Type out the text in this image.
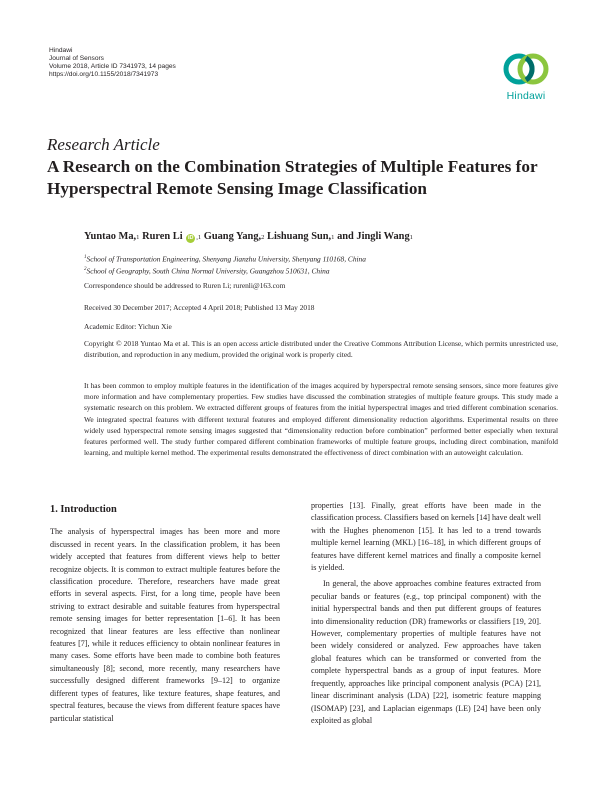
Hindawi
Journal of Sensors
Volume 2018, Article ID 7341973, 14 pages
https://doi.org/10.1155/2018/7341973
Hindawi
Research Article
A Research on the Combination Strategies of Multiple Features for
Hyperspectral Remote Sensing Image Classification
Yuntao Ma, 1
Ruren Li
iD ,1
Guang Yang, 2
Lishuang Sun, 1
and Jingli Wang 1
$^1$School of Transportation Engineering, Shenyang Jianzhu University, Shenyang 110168, China
$^2$School of Geography, South China Normal University, Guangzhou 510631, China
Correspondence should be addressed to Ruren Li; rurenli@163.com
Received 30 December 2017; Accepted 4 April 2018; Published 13 May 2018
Academic Editor: Yichun Xie
Copyright © 2018 Yuntao Ma et al. This is an open access article distributed under the Creative Commons Attribution License, which permits unrestricted use, distribution, and reproduction in any medium, provided the original work is properly cited.
It has been common to employ multiple features in the identification of the images acquired by hyperspectral remote sensing sensors, since more features give more information and have complementary properties. Few studies have discussed the combination strategies of multiple feature groups. This study made a systematic research on this problem. We extracted different groups of features from the initial hyperspectral images and tried different combination scenarios. We integrated spectral features with different textural features and employed different dimensionality reduction algorithms. Experimental results on three widely used hyperspectral remote sensing images suggested that “dimensionality reduction before combination” performed better especially when textural features performed well. The study further compared different combination frameworks of multiple feature groups, including direct combination, manifold learning, and multiple kernel method. The experimental results demonstrated the effectiveness of direct combination with an autoweight calculation.
1. Introduction

The analysis of hyperspectral images has been more and more discussed in recent years. In the classification problem, it has been widely accepted that features from different views help to better recognize objects. It is common to extract multiple features before the classification procedure. Therefore, researchers have made great efforts in several aspects. First, for a long time, people have been striving to extract desirable and suitable features from hyperspectral remote sensing images for better representation [1–6]. It has been recognized that linear features are less effective than nonlinear features [7], while it reduces efficiency to obtain nonlinear features in many cases. Some efforts have been made to combine both features simultaneously [8]; second, more recently, many researchers have successfully designed different frameworks [9–12] to organize different types of features, like texture features, shape features, and spectral features, because the views from different feature spaces have particular statistical

properties [13]. Finally, great efforts have been made in the classification process. Classifiers based on kernels [14] have dealt well with the Hughes phenomenon [15]. It has led to a trend towards multiple kernel learning (MKL) [16–18], in which different groups of features have different kernel matrices and finally a composite kernel is yielded.

In general, the above approaches combine features extracted from peculiar bands or features (e.g., top principal component) with the initial hyperspectral bands and then put different groups of features into dimensionality reduction (DR) frameworks or classifiers [19, 20]. However, complementary properties of multiple features have not been widely considered or analyzed. Few approaches have taken global features which can be transformed or converted from the complete hyperspectral bands as a group of input features. More frequently, approaches like principal component analysis (PCA) [21], linear discriminant analysis (LDA) [22], isometric feature mapping (ISOMAP) [23], and Laplacian eigenmaps (LE) [24] have been only exploited as global
